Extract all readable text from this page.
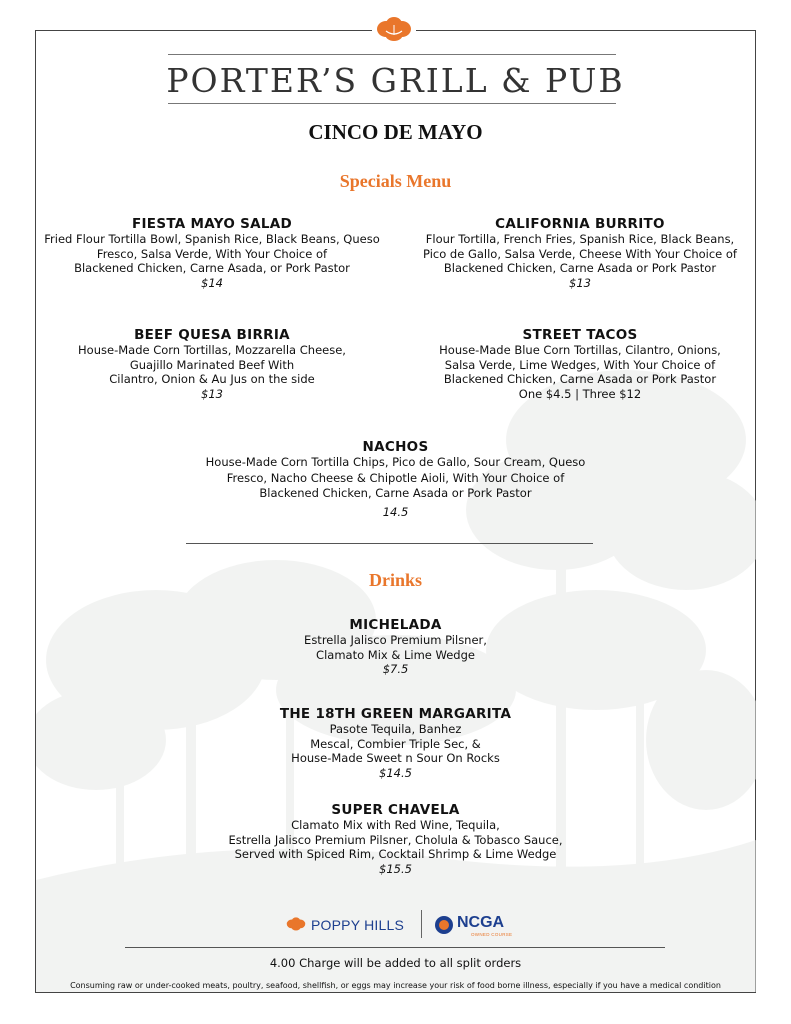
PORTER’S GRILL & PUB
CINCO DE MAYO
Specials Menu
FIESTA MAYO SALAD
Fried Flour Tortilla Bowl, Spanish Rice, Black Beans, Queso
Fresco, Salsa Verde, With Your Choice of
Blackened Chicken, Carne Asada, or Pork Pastor
$14
CALIFORNIA BURRITO
Flour Tortilla, French Fries, Spanish Rice, Black Beans,
Pico de Gallo, Salsa Verde, Cheese With Your Choice of
Blackened Chicken, Carne Asada or Pork Pastor
$13
BEEF QUESA BIRRIA
House-Made Corn Tortillas, Mozzarella Cheese,
Guajillo Marinated Beef With
Cilantro, Onion & Au Jus on the side
$13
STREET TACOS
House-Made Blue Corn Tortillas, Cilantro, Onions,
Salsa Verde, Lime Wedges, With Your Choice of
Blackened Chicken, Carne Asada or Pork Pastor
One $4.5 | Three $12
NACHOS
House-Made Corn Tortilla Chips, Pico de Gallo, Sour Cream, Queso
Fresco, Nacho Cheese & Chipotle Aioli, With Your Choice of
Blackened Chicken, Carne Asada or Pork Pastor
14.5
Drinks
MICHELADA
Estrella Jalisco Premium Pilsner,
Clamato Mix & Lime Wedge
$7.5
THE 18TH GREEN MARGARITA
Pasote Tequila, Banhez
Mescal, Combier Triple Sec, &
House-Made Sweet n Sour On Rocks
$14.5
SUPER CHAVELA
Clamato Mix with Red Wine, Tequila,
Estrella Jalisco Premium Pilsner, Cholula & Tobasco Sauce,
Served with Spiced Rim, Cocktail Shrimp & Lime Wedge
$15.5
POPPY HILLS	NCGA
OWNED COURSE
4.00 Charge will be added to all split orders
Consuming raw or under-cooked meats, poultry, seafood, shellfish, or eggs may increase your risk of food borne illness, especially if you have a medical condition
